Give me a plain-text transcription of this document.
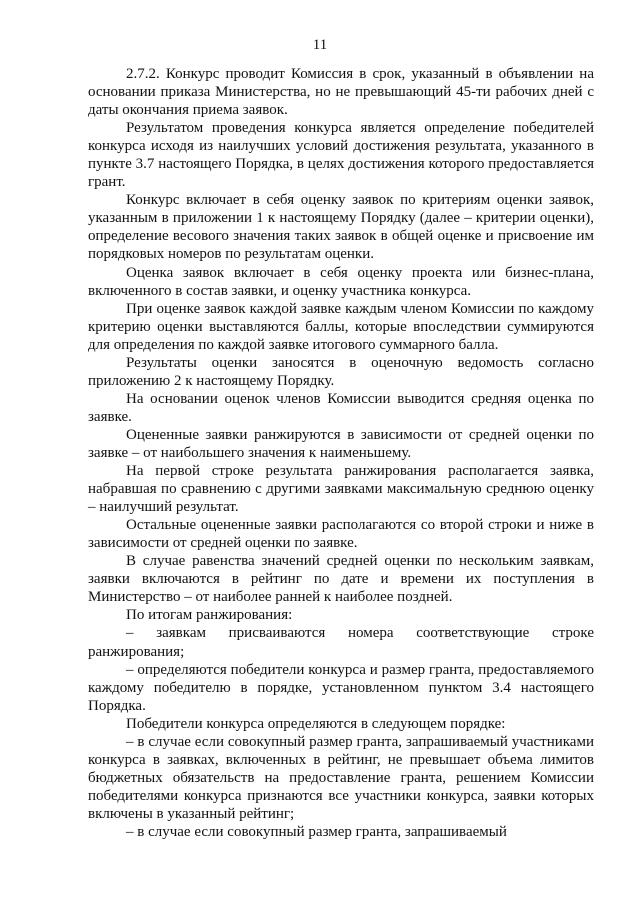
11

2.7.2. Конкурс проводит Комиссия в срок, указанный в объявлении на основании приказа Министерства, но не превышающий 45-ти рабочих дней с даты окончания приема заявок.

Результатом проведения конкурса является определение победителей конкурса исходя из наилучших условий достижения результата, указанного в пункте 3.7 настоящего Порядка, в целях достижения которого предоставляется грант.

Конкурс включает в себя оценку заявок по критериям оценки заявок, указанным в приложении 1 к настоящему Порядку (далее – критерии оценки), определение весового значения таких заявок в общей оценке и присвоение им порядковых номеров по результатам оценки.

Оценка заявок включает в себя оценку проекта или бизнес-плана, включенного в состав заявки, и оценку участника конкурса.

При оценке заявок каждой заявке каждым членом Комиссии по каждому критерию оценки выставляются баллы, которые впоследствии суммируются для определения по каждой заявке итогового суммарного балла.

Результаты оценки заносятся в оценочную ведомость согласно приложению 2 к настоящему Порядку.

На основании оценок членов Комиссии выводится средняя оценка по заявке.

Оцененные заявки ранжируются в зависимости от средней оценки по заявке – от наибольшего значения к наименьшему.

На первой строке результата ранжирования располагается заявка, набравшая по сравнению с другими заявками максимальную среднюю оценку – наилучший результат.

Остальные оцененные заявки располагаются со второй строки и ниже в зависимости от средней оценки по заявке.

В случае равенства значений средней оценки по нескольким заявкам, заявки включаются в рейтинг по дате и времени их поступления в Министерство – от наиболее ранней к наиболее поздней.

По итогам ранжирования:

– заявкам присваиваются номера соответствующие строке ранжирования;

– определяются победители конкурса и размер гранта, предоставляемого каждому победителю в порядке, установленном пунктом 3.4 настоящего Порядка.

Победители конкурса определяются в следующем порядке:

– в случае если совокупный размер гранта, запрашиваемый участниками конкурса в заявках, включенных в рейтинг, не превышает объема лимитов бюджетных обязательств на предоставление гранта, решением Комиссии победителями конкурса признаются все участники конкурса, заявки которых включены в указанный рейтинг;

– в случае если совокупный размер гранта, запрашиваемый
